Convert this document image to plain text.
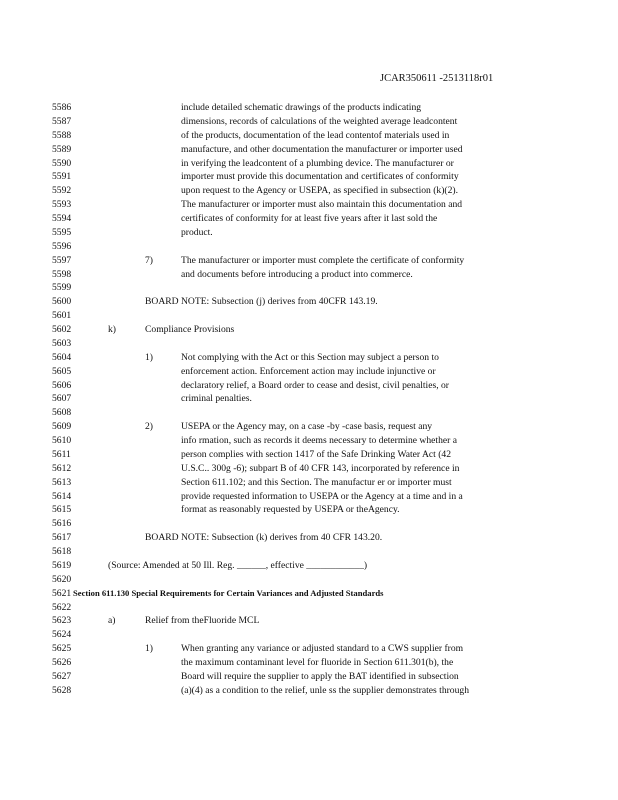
JCAR350611 -2513118r01
5586	include detailed schematic drawings of the products indicating
5587	dimensions, records of calculations of the weighted average leadcontent
5588	of the products, documentation of the lead contentof materials used in
5589	manufacture, and other documentation the manufacturer or importer used
5590	in verifying the leadcontent of a plumbing device. The manufacturer or
5591	importer must provide this documentation and certificates of conformity
5592	upon request to the Agency or USEPA, as specified in subsection (k)(2).
5593	The manufacturer or importer must also maintain this documentation and
5594	certificates of conformity for at least five years after it last sold the
5595	product.
5596
5597	7)	The manufacturer or importer must complete the certificate of conformity
5598	and documents before introducing a product into commerce.
5599
5600	BOARD NOTE: Subsection (j) derives from 40CFR 143.19.
5601
5602	k)	Compliance Provisions
5603
5604	1)	Not complying with the Act or this Section may subject a person to
5605	enforcement action. Enforcement action may include injunctive or
5606	declaratory relief, a Board order to cease and desist, civil penalties, or
5607	criminal penalties.
5608
5609	2)	USEPA or the Agency may, on a case -by -case basis, request any
5610	info rmation, such as records it deems necessary to determine whether a
5611	person complies with section 1417 of the Safe Drinking Water Act (42
5612	U.S.C.. 300g -6); subpart B of 40 CFR 143, incorporated by reference in
5613	Section 611.102; and this Section. The manufactur er or importer must
5614	provide requested information to USEPA or the Agency at a time and in a
5615	format as reasonably requested by USEPA or theAgency.
5616
5617	BOARD NOTE: Subsection (k) derives from 40 CFR 143.20.
5618
5619	(Source: Amended at 50 Ill. Reg. ______, effective ____________)
5620
5621 Section 611.130 Special Requirements for Certain Variances and Adjusted Standards
5622
5623	a)	Relief from theFluoride MCL
5624
5625	1)	When granting any variance or adjusted standard to a CWS supplier from
5626	the maximum contaminant level for fluoride in Section 611.301(b), the
5627	Board will require the supplier to apply the BAT identified in subsection
5628	(a)(4) as a condition to the relief, unle ss the supplier demonstrates through
